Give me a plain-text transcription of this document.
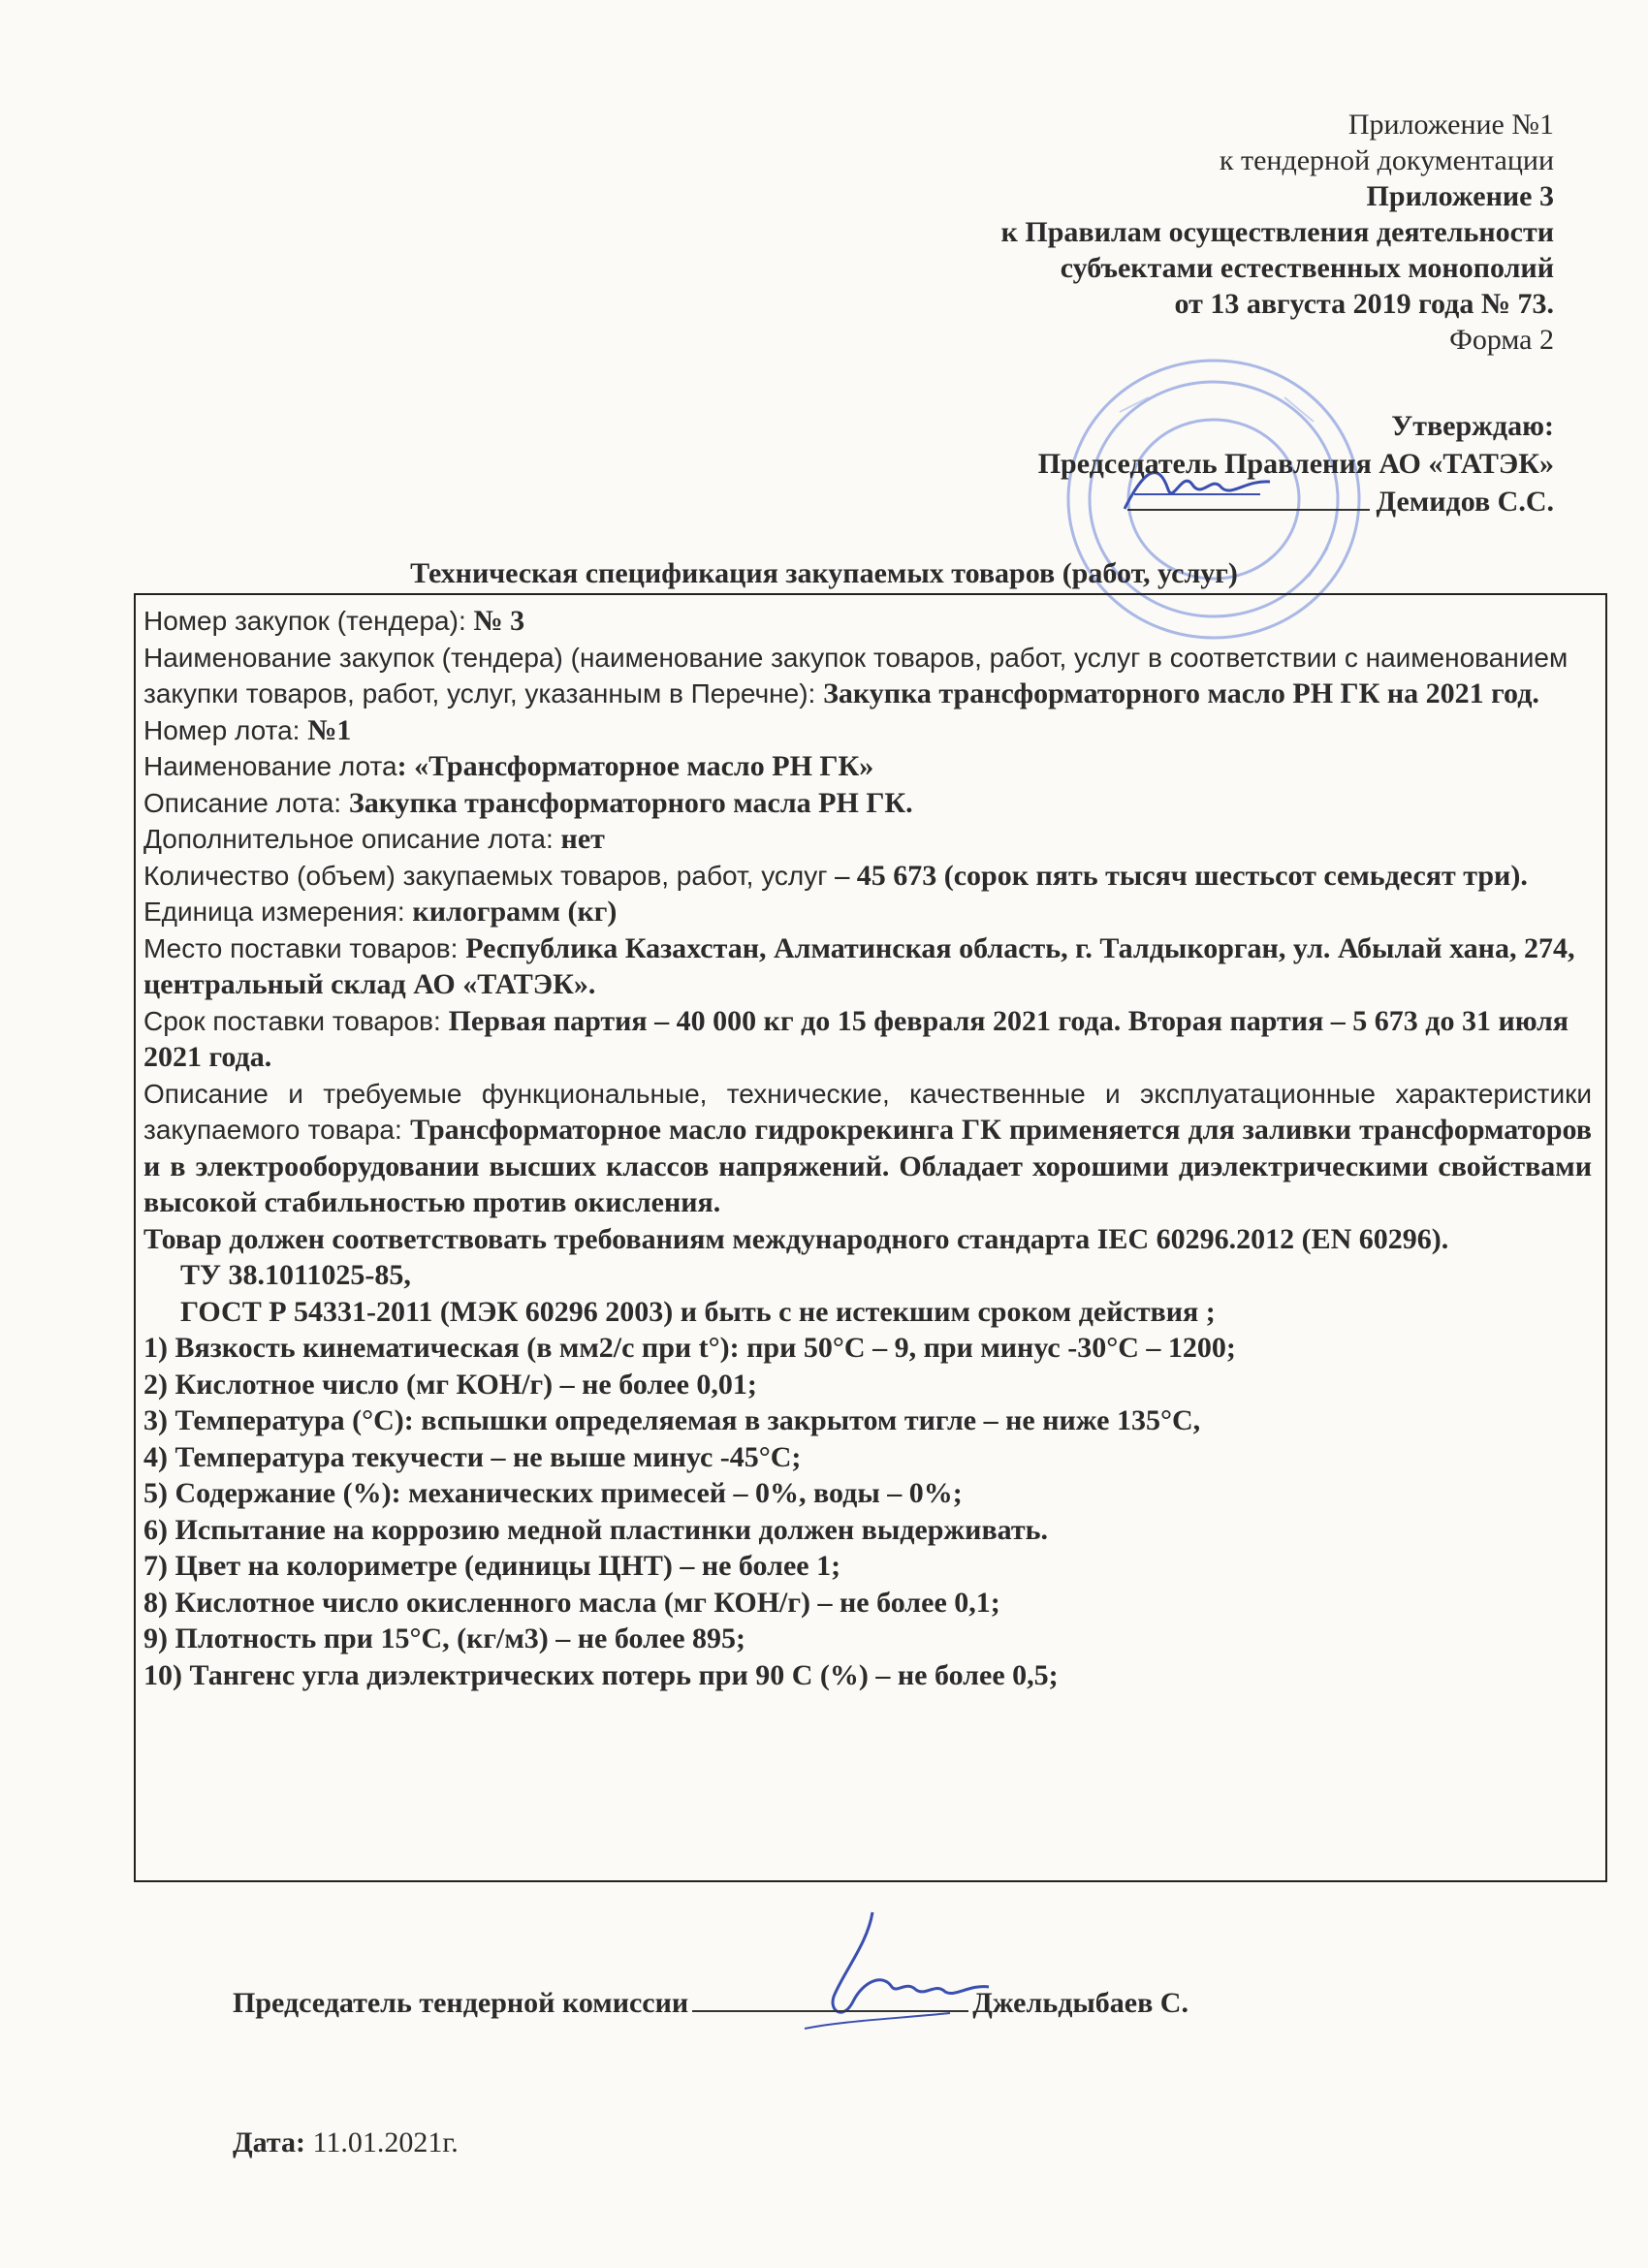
Приложение №1
к тендерной документации
Приложение 3
к Правилам осуществления деятельности
субъектами естественных монополий
от 13 августа 2019 года № 73.
Форма 2
Утверждаю:
Председатель Правления АО «ТАТЭК»
Демидов С.С.
Техническая спецификация закупаемых товаров (работ, услуг)

Номер закупок (тендера): № 3

Наименование закупок (тендера) (наименование закупок товаров, работ, услуг в соответствии с наименованием закупки товаров, работ, услуг, указанным в Перечне): Закупка трансформаторного масло РН ГК на 2021 год.

Номер лота: №1

Наименование лота: «Трансформаторное масло РН ГК»

Описание лота: Закупка трансформаторного масла РН ГК.

Дополнительное описание лота: нет

Количество (объем) закупаемых товаров, работ, услуг – 45 673 (сорок пять тысяч шестьсот семьдесят три).

Единица измерения: килограмм (кг)

Место поставки товаров: Республика Казахстан, Алматинская область, г. Талдыкорган, ул. Абылай хана, 274, центральный склад АО «ТАТЭК».

Срок поставки товаров: Первая партия – 40 000 кг до 15 февраля 2021 года. Вторая партия – 5 673 до 31 июля 2021 года.

Описание и требуемые функциональные, технические, качественные и эксплуатационные характеристики закупаемого товара: Трансформаторное масло гидрокрекинга ГК применяется для заливки трансформаторов и в электрооборудовании высших классов напряжений. Обладает хорошими диэлектрическими свойствами высокой стабильностью против окисления.

Товар должен соответствовать требованиям международного стандарта IEC 60296.2012 (EN 60296).

ТУ 38.1011025-85,

ГОСТ Р 54331-2011 (МЭК 60296 2003) и быть с не истекшим сроком действия ;

1) Вязкость кинематическая (в мм2/с при t°): при 50°С – 9, при минус -30°С – 1200;

2) Кислотное число (мг КОН/г) – не более 0,01;

3) Температура (°С): вспышки определяемая в закрытом тигле – не ниже 135°С,

4) Температура текучести – не выше минус -45°С;

5) Содержание (%): механических примесей – 0%, воды – 0%;

6) Испытание на коррозию медной пластинки должен выдерживать.

7) Цвет на колориметре (единицы ЦНТ) – не более 1;

8) Кислотное число окисленного масла (мг КОН/г) – не более 0,1;

9) Плотность при 15°С, (кг/м3) – не более 895;

10) Тангенс угла диэлектрических потерь при 90 С (%) – не более 0,5;

Председатель тендерной комиссии	Джельдыбаев С.
Дата: 11.01.2021г.
